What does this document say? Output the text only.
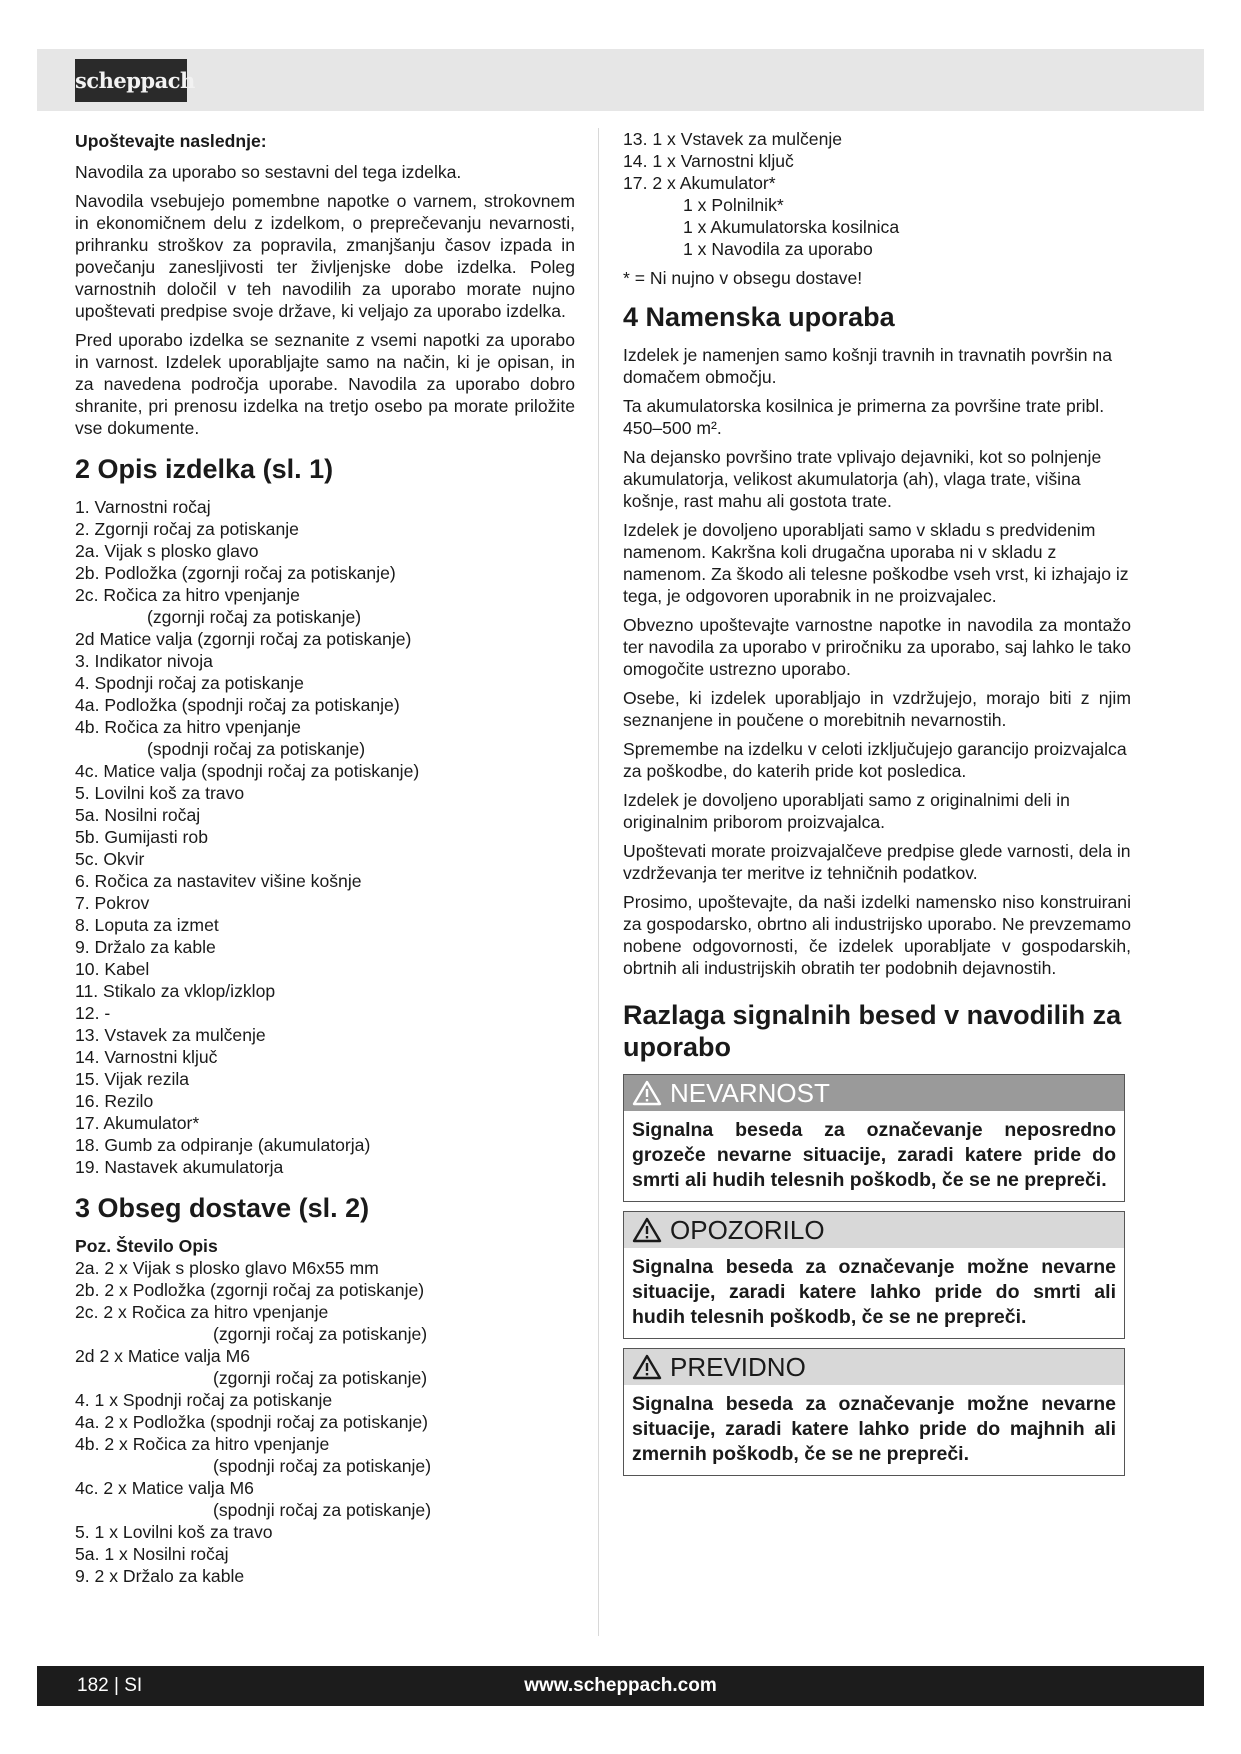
scheppach
Upoštevajte naslednje:

Navodila za uporabo so sestavni del tega izdelka.

Navodila vsebujejo pomembne napotke o varnem, strokovnem in ekonomičnem delu z izdelkom, o preprečevanju nevarnosti, prihranku stroškov za popravila, zmanjšanju časov izpada in povečanju zanesljivosti ter življenjske dobe izdelka. Poleg varnostnih določil v teh navodilih za uporabo morate nujno upoštevati predpise svoje države, ki veljajo za uporabo izdelka.

Pred uporabo izdelka se seznanite z vsemi napotki za uporabo in varnost. Izdelek uporabljajte samo na način, ki je opisan, in za navedena področja uporabe. Navodila za uporabo dobro shranite, pri prenosu izdelka na tretjo osebo pa morate priložite vse dokumente.

2 Opis izdelka (sl. 1)
1. Varnostni ročaj
2. Zgornji ročaj za potiskanje
2a. Vijak s plosko glavo
2b. Podložka (zgornji ročaj za potiskanje)
2c. Ročica za hitro vpenjanje
(zgornji ročaj za potiskanje)
2d Matice valja (zgornji ročaj za potiskanje)
3. Indikator nivoja
4. Spodnji ročaj za potiskanje
4a. Podložka (spodnji ročaj za potiskanje)
4b. Ročica za hitro vpenjanje
(spodnji ročaj za potiskanje)
4c. Matice valja (spodnji ročaj za potiskanje)
5. Lovilni koš za travo
5a. Nosilni ročaj
5b. Gumijasti rob
5c. Okvir
6. Ročica za nastavitev višine košnje
7. Pokrov
8. Loputa za izmet
9. Držalo za kable
10. Kabel
11. Stikalo za vklop/izklop
12. -
13. Vstavek za mulčenje
14. Varnostni ključ
15. Vijak rezila
16. Rezilo
17. Akumulator*
18. Gumb za odpiranje (akumulatorja)
19. Nastavek akumulatorja
3 Obseg dostave (sl. 2)
Poz. Število Opis
2a. 2 x Vijak s plosko glavo M6x55 mm
2b. 2 x Podložka (zgornji ročaj za potiskanje)
2c. 2 x Ročica za hitro vpenjanje
(zgornji ročaj za potiskanje)
2d 2 x Matice valja M6
(zgornji ročaj za potiskanje)
4. 1 x Spodnji ročaj za potiskanje
4a. 2 x Podložka (spodnji ročaj za potiskanje)
4b. 2 x Ročica za hitro vpenjanje
(spodnji ročaj za potiskanje)
4c. 2 x Matice valja M6
(spodnji ročaj za potiskanje)
5. 1 x Lovilni koš za travo
5a. 1 x Nosilni ročaj
9. 2 x Držalo za kable
13. 1 x Vstavek za mulčenje
14. 1 x Varnostni ključ
17. 2 x Akumulator*
1 x Polnilnik*
1 x Akumulatorska kosilnica
1 x Navodila za uporabo

* = Ni nujno v obsegu dostave!

4 Namenska uporaba

Izdelek je namenjen samo košnji travnih in travnatih površin na domačem območju.

Ta akumulatorska kosilnica je primerna za površine trate pribl. 450–500 m².

Na dejansko površino trate vplivajo dejavniki, kot so polnjenje akumulatorja, velikost akumulatorja (ah), vlaga trate, višina košnje, rast mahu ali gostota trate.

Izdelek je dovoljeno uporabljati samo v skladu s predvidenim namenom. Kakršna koli drugačna uporaba ni v skladu z namenom. Za škodo ali telesne poškodbe vseh vrst, ki izhajajo iz tega, je odgovoren uporabnik in ne proizvajalec.

Obvezno upoštevajte varnostne napotke in navodila za montažo ter navodila za uporabo v priročniku za uporabo, saj lahko le tako omogočite ustrezno uporabo.

Osebe, ki izdelek uporabljajo in vzdržujejo, morajo biti z njim seznanjene in poučene o morebitnih nevarnostih.

Spremembe na izdelku v celoti izključujejo garancijo proizvajalca za poškodbe, do katerih pride kot posledica.

Izdelek je dovoljeno uporabljati samo z originalnimi deli in originalnim priborom proizvajalca.

Upoštevati morate proizvajalčeve predpise glede varnosti, dela in vzdrževanja ter meritve iz tehničnih podatkov.

Prosimo, upoštevajte, da naši izdelki namensko niso konstruirani za gospodarsko, obrtno ali industrijsko uporabo. Ne prevzemamo nobene odgovornosti, če izdelek uporabljate v gospodarskih, obrtnih ali industrijskih obratih ter podobnih dejavnostih.

Razlaga signalnih besed v navodilih za uporabo
NEVARNOST
Signalna beseda za označevanje neposredno grozeče nevarne situacije, zaradi katere pride do smrti ali hudih telesnih poškodb, če se ne prepreči.
OPOZORILO
Signalna beseda za označevanje možne nevarne situacije, zaradi katere lahko pride do smrti ali hudih telesnih poškodb, če se ne prepreči.
PREVIDNO
Signalna beseda za označevanje možne nevarne situacije, zaradi katere lahko pride do majhnih ali zmernih poškodb, če se ne prepreči.
www.scheppach.com
182 | SI
